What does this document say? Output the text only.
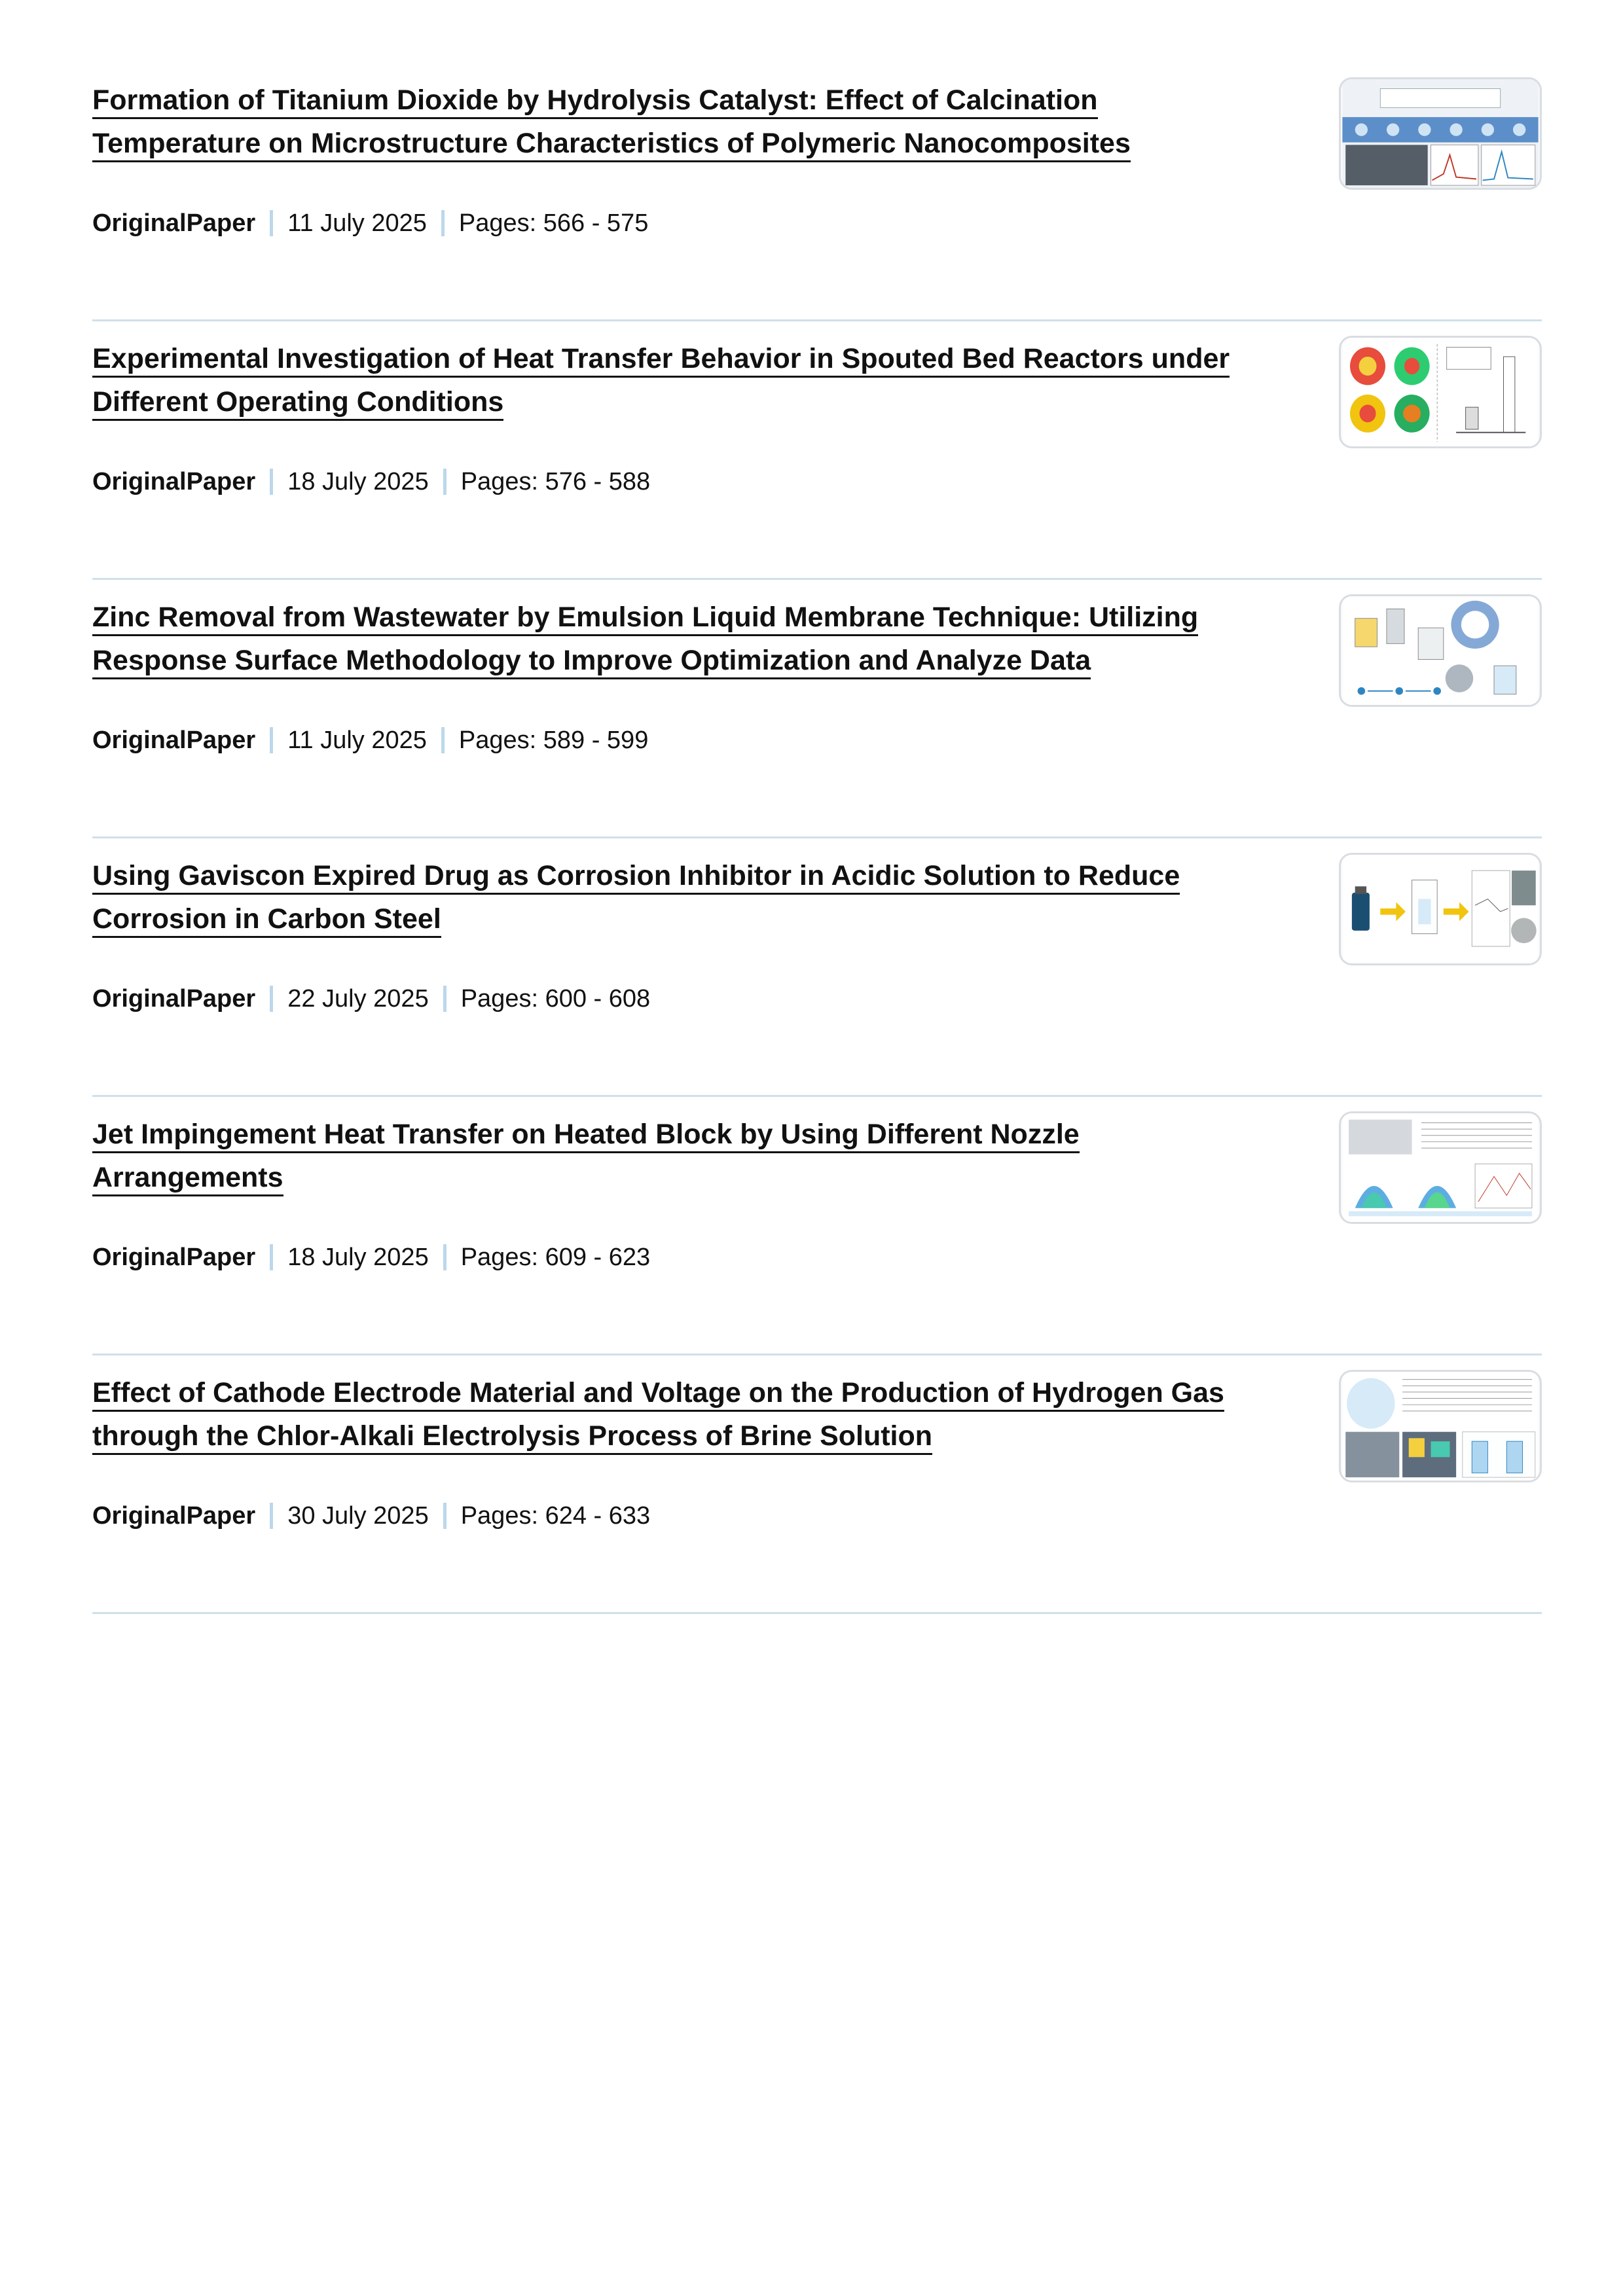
Formation of Titanium Dioxide by Hydrolysis Catalyst: Effect of Calcination
Temperature on Microstructure Characteristics of Polymeric Nanocomposites
OriginalPaper 11 July 2025 Pages: 566 - 575
Experimental Investigation of Heat Transfer Behavior in Spouted Bed Reactors under
Different Operating Conditions
OriginalPaper 18 July 2025 Pages: 576 - 588
Zinc Removal from Wastewater by Emulsion Liquid Membrane Technique: Utilizing
Response Surface Methodology to Improve Optimization and Analyze Data
OriginalPaper 11 July 2025 Pages: 589 - 599
Using Gaviscon Expired Drug as Corrosion Inhibitor in Acidic Solution to Reduce
Corrosion in Carbon Steel
OriginalPaper 22 July 2025 Pages: 600 - 608
Jet Impingement Heat Transfer on Heated Block by Using Different Nozzle
Arrangements
OriginalPaper 18 July 2025 Pages: 609 - 623
Effect of Cathode Electrode Material and Voltage on the Production of Hydrogen Gas
through the Chlor-Alkali Electrolysis Process of Brine Solution
OriginalPaper 30 July 2025 Pages: 624 - 633
